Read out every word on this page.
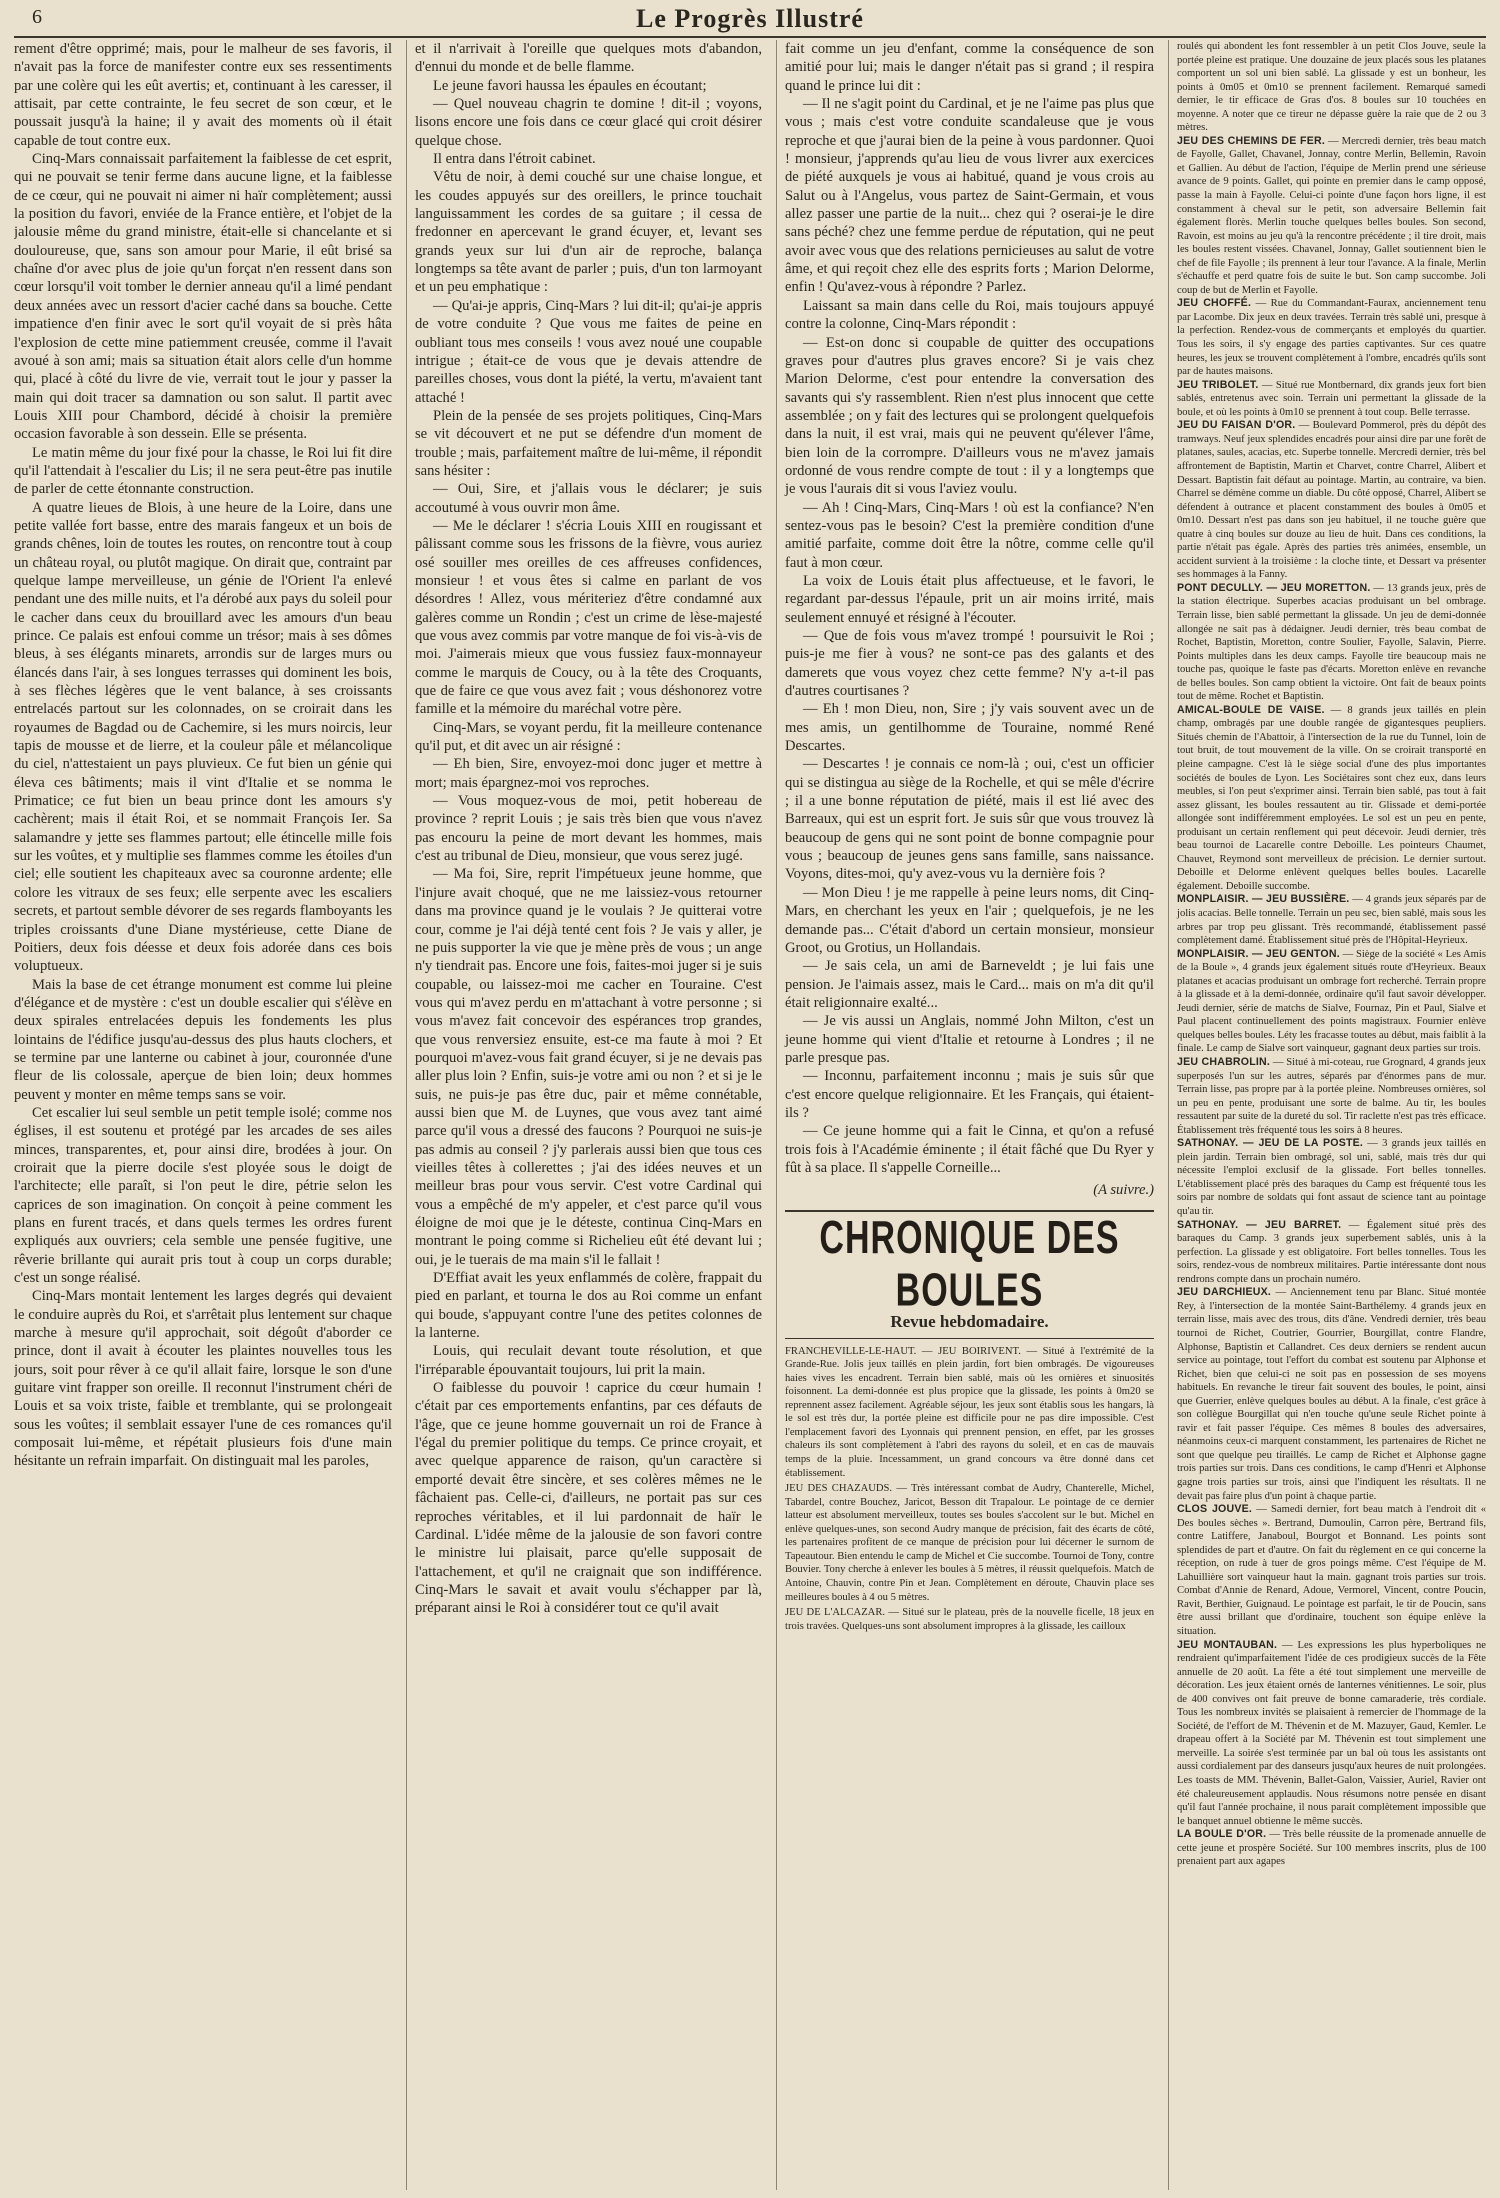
6	Le Progrès Illustré

rement d'être opprimé; mais, pour le malheur de ses favoris, il n'avait pas la force de manifester contre eux ses ressentiments par une colère qui les eût avertis; et, continuant à les caresser, il attisait, par cette contrainte, le feu secret de son cœur, et le poussait jusqu'à la haine; il y avait des moments où il était capable de tout contre eux.

Cinq-Mars connaissait parfaitement la faiblesse de cet esprit, qui ne pouvait se tenir ferme dans aucune ligne, et la faiblesse de ce cœur, qui ne pouvait ni aimer ni haïr complètement; aussi la position du favori, enviée de la France entière, et l'objet de la jalousie même du grand ministre, était-elle si chancelante et si douloureuse, que, sans son amour pour Marie, il eût brisé sa chaîne d'or avec plus de joie qu'un forçat n'en ressent dans son cœur lorsqu'il voit tomber le dernier anneau qu'il a limé pendant deux années avec un ressort d'acier caché dans sa bouche. Cette impatience d'en finir avec le sort qu'il voyait de si près hâta l'explosion de cette mine patiemment creusée, comme il l'avait avoué à son ami; mais sa situation était alors celle d'un homme qui, placé à côté du livre de vie, verrait tout le jour y passer la main qui doit tracer sa damnation ou son salut. Il partit avec Louis XIII pour Chambord, décidé à choisir la première occasion favorable à son dessein. Elle se présenta.

Le matin même du jour fixé pour la chasse, le Roi lui fit dire qu'il l'attendait à l'escalier du Lis; il ne sera peut-être pas inutile de parler de cette étonnante construction.

A quatre lieues de Blois, à une heure de la Loire, dans une petite vallée fort basse, entre des marais fangeux et un bois de grands chênes, loin de toutes les routes, on rencontre tout à coup un château royal, ou plutôt magique. On dirait que, contraint par quelque lampe merveilleuse, un génie de l'Orient l'a enlevé pendant une des mille nuits, et l'a dérobé aux pays du soleil pour le cacher dans ceux du brouillard avec les amours d'un beau prince. Ce palais est enfoui comme un trésor; mais à ses dômes bleus, à ses élégants minarets, arrondis sur de larges murs ou élancés dans l'air, à ses longues terrasses qui dominent les bois, à ses flèches légères que le vent balance, à ses croissants entrelacés partout sur les colonnades, on se croirait dans les royaumes de Bagdad ou de Cachemire, si les murs noircis, leur tapis de mousse et de lierre, et la couleur pâle et mélancolique du ciel, n'attestaient un pays pluvieux. Ce fut bien un génie qui éleva ces bâtiments; mais il vint d'Italie et se nomma le Primatice; ce fut bien un beau prince dont les amours s'y cachèrent; mais il était Roi, et se nommait François Ier. Sa salamandre y jette ses flammes partout; elle étincelle mille fois sur les voûtes, et y multiplie ses flammes comme les étoiles d'un ciel; elle soutient les chapiteaux avec sa couronne ardente; elle colore les vitraux de ses feux; elle serpente avec les escaliers secrets, et partout semble dévorer de ses regards flamboyants les triples croissants d'une Diane mystérieuse, cette Diane de Poitiers, deux fois déesse et deux fois adorée dans ces bois voluptueux.

Mais la base de cet étrange monument est comme lui pleine d'élégance et de mystère : c'est un double escalier qui s'élève en deux spirales entrelacées depuis les fondements les plus lointains de l'édifice jusqu'au-dessus des plus hauts clochers, et se termine par une lanterne ou cabinet à jour, couronnée d'une fleur de lis colossale, aperçue de bien loin; deux hommes peuvent y monter en même temps sans se voir.

Cet escalier lui seul semble un petit temple isolé; comme nos églises, il est soutenu et protégé par les arcades de ses ailes minces, transparentes, et, pour ainsi dire, brodées à jour. On croirait que la pierre docile s'est ployée sous le doigt de l'architecte; elle paraît, si l'on peut le dire, pétrie selon les caprices de son imagination. On conçoit à peine comment les plans en furent tracés, et dans quels termes les ordres furent expliqués aux ouvriers; cela semble une pensée fugitive, une rêverie brillante qui aurait pris tout à coup un corps durable; c'est un songe réalisé.

Cinq-Mars montait lentement les larges degrés qui devaient le conduire auprès du Roi, et s'arrêtait plus lentement sur chaque marche à mesure qu'il approchait, soit dégoût d'aborder ce prince, dont il avait à écouter les plaintes nouvelles tous les jours, soit pour rêver à ce qu'il allait faire, lorsque le son d'une guitare vint frapper son oreille. Il reconnut l'instrument chéri de Louis et sa voix triste, faible et tremblante, qui se prolongeait sous les voûtes; il semblait essayer l'une de ces romances qu'il composait lui-même, et répétait plusieurs fois d'une main hésitante un refrain imparfait. On distinguait mal les paroles,

et il n'arrivait à l'oreille que quelques mots d'abandon, d'ennui du monde et de belle flamme.

Le jeune favori haussa les épaules en écoutant;

— Quel nouveau chagrin te domine ! dit-il ; voyons, lisons encore une fois dans ce cœur glacé qui croit désirer quelque chose.

Il entra dans l'étroit cabinet.

Vêtu de noir, à demi couché sur une chaise longue, et les coudes appuyés sur des oreillers, le prince touchait languissamment les cordes de sa guitare ; il cessa de fredonner en apercevant le grand écuyer, et, levant ses grands yeux sur lui d'un air de reproche, balança longtemps sa tête avant de parler ; puis, d'un ton larmoyant et un peu emphatique :

— Qu'ai-je appris, Cinq-Mars ? lui dit-il; qu'ai-je appris de votre conduite ? Que vous me faites de peine en oubliant tous mes conseils ! vous avez noué une coupable intrigue ; était-ce de vous que je devais attendre de pareilles choses, vous dont la piété, la vertu, m'avaient tant attaché !

Plein de la pensée de ses projets politiques, Cinq-Mars se vit découvert et ne put se défendre d'un moment de trouble ; mais, parfaitement maître de lui-même, il répondit sans hésiter :

— Oui, Sire, et j'allais vous le déclarer; je suis accoutumé à vous ouvrir mon âme.

— Me le déclarer ! s'écria Louis XIII en rougissant et pâlissant comme sous les frissons de la fièvre, vous auriez osé souiller mes oreilles de ces affreuses confidences, monsieur ! et vous êtes si calme en parlant de vos désordres ! Allez, vous mériteriez d'être condamné aux galères comme un Rondin ; c'est un crime de lèse-majesté que vous avez commis par votre manque de foi vis-à-vis de moi. J'aimerais mieux que vous fussiez faux-monnayeur comme le marquis de Coucy, ou à la tête des Croquants, que de faire ce que vous avez fait ; vous déshonorez votre famille et la mémoire du maréchal votre père.

Cinq-Mars, se voyant perdu, fit la meilleure contenance qu'il put, et dit avec un air résigné :

— Eh bien, Sire, envoyez-moi donc juger et mettre à mort; mais épargnez-moi vos reproches.

— Vous moquez-vous de moi, petit hobereau de province ? reprit Louis ; je sais très bien que vous n'avez pas encouru la peine de mort devant les hommes, mais c'est au tribunal de Dieu, monsieur, que vous serez jugé.

— Ma foi, Sire, reprit l'impétueux jeune homme, que l'injure avait choqué, que ne me laissiez-vous retourner dans ma province quand je le voulais ? Je quitterai votre cour, comme je l'ai déjà tenté cent fois ? Je vais y aller, je ne puis supporter la vie que je mène près de vous ; un ange n'y tiendrait pas. Encore une fois, faites-moi juger si je suis coupable, ou laissez-moi me cacher en Touraine. C'est vous qui m'avez perdu en m'attachant à votre personne ; si vous m'avez fait concevoir des espérances trop grandes, que vous renversiez ensuite, est-ce ma faute à moi ? Et pourquoi m'avez-vous fait grand écuyer, si je ne devais pas aller plus loin ? Enfin, suis-je votre ami ou non ? et si je le suis, ne puis-je pas être duc, pair et même connétable, aussi bien que M. de Luynes, que vous avez tant aimé parce qu'il vous a dressé des faucons ? Pourquoi ne suis-je pas admis au conseil ? j'y parlerais aussi bien que tous ces vieilles têtes à collerettes ; j'ai des idées neuves et un meilleur bras pour vous servir. C'est votre Cardinal qui vous a empêché de m'y appeler, et c'est parce qu'il vous éloigne de moi que je le déteste, continua Cinq-Mars en montrant le poing comme si Richelieu eût été devant lui ; oui, je le tuerais de ma main s'il le fallait !

D'Effiat avait les yeux enflammés de colère, frappait du pied en parlant, et tourna le dos au Roi comme un enfant qui boude, s'appuyant contre l'une des petites colonnes de la lanterne.

Louis, qui reculait devant toute résolution, et que l'irréparable épouvantait toujours, lui prit la main.

O faiblesse du pouvoir ! caprice du cœur humain ! c'était par ces emportements enfantins, par ces défauts de l'âge, que ce jeune homme gouvernait un roi de France à l'égal du premier politique du temps. Ce prince croyait, et avec quelque apparence de raison, qu'un caractère si emporté devait être sincère, et ses colères mêmes ne le fâchaient pas. Celle-ci, d'ailleurs, ne portait pas sur ces reproches véritables, et il lui pardonnait de haïr le Cardinal. L'idée même de la jalousie de son favori contre le ministre lui plaisait, parce qu'elle supposait de l'attachement, et qu'il ne craignait que son indifférence. Cinq-Mars le savait et avait voulu s'échapper par là, préparant ainsi le Roi à considérer tout ce qu'il avait

fait comme un jeu d'enfant, comme la conséquence de son amitié pour lui; mais le danger n'était pas si grand ; il respira quand le prince lui dit :

— Il ne s'agit point du Cardinal, et je ne l'aime pas plus que vous ; mais c'est votre conduite scandaleuse que je vous reproche et que j'aurai bien de la peine à vous pardonner. Quoi ! monsieur, j'apprends qu'au lieu de vous livrer aux exercices de piété auxquels je vous ai habitué, quand je vous crois au Salut ou à l'Angelus, vous partez de Saint-Germain, et vous allez passer une partie de la nuit... chez qui ? oserai-je le dire sans péché? chez une femme perdue de réputation, qui ne peut avoir avec vous que des relations pernicieuses au salut de votre âme, et qui reçoit chez elle des esprits forts ; Marion Delorme, enfin ! Qu'avez-vous à répondre ? Parlez.

Laissant sa main dans celle du Roi, mais toujours appuyé contre la colonne, Cinq-Mars répondit :

— Est-on donc si coupable de quitter des occupations graves pour d'autres plus graves encore? Si je vais chez Marion Delorme, c'est pour entendre la conversation des savants qui s'y rassemblent. Rien n'est plus innocent que cette assemblée ; on y fait des lectures qui se prolongent quelquefois dans la nuit, il est vrai, mais qui ne peuvent qu'élever l'âme, bien loin de la corrompre. D'ailleurs vous ne m'avez jamais ordonné de vous rendre compte de tout : il y a longtemps que je vous l'aurais dit si vous l'aviez voulu.

— Ah ! Cinq-Mars, Cinq-Mars ! où est la confiance? N'en sentez-vous pas le besoin? C'est la première condition d'une amitié parfaite, comme doit être la nôtre, comme celle qu'il faut à mon cœur.

La voix de Louis était plus affectueuse, et le favori, le regardant par-dessus l'épaule, prit un air moins irrité, mais seulement ennuyé et résigné à l'écouter.

— Que de fois vous m'avez trompé ! poursuivit le Roi ; puis-je me fier à vous? ne sont-ce pas des galants et des damerets que vous voyez chez cette femme? N'y a-t-il pas d'autres courtisanes ?

— Eh ! mon Dieu, non, Sire ; j'y vais souvent avec un de mes amis, un gentilhomme de Touraine, nommé René Descartes.

— Descartes ! je connais ce nom-là ; oui, c'est un officier qui se distingua au siège de la Rochelle, et qui se mêle d'écrire ; il a une bonne réputation de piété, mais il est lié avec des Barreaux, qui est un esprit fort. Je suis sûr que vous trouvez là beaucoup de gens qui ne sont point de bonne compagnie pour vous ; beaucoup de jeunes gens sans famille, sans naissance. Voyons, dites-moi, qu'y avez-vous vu la dernière fois ?

— Mon Dieu ! je me rappelle à peine leurs noms, dit Cinq-Mars, en cherchant les yeux en l'air ; quelquefois, je ne les demande pas... C'était d'abord un certain monsieur, monsieur Groot, ou Grotius, un Hollandais.

— Je sais cela, un ami de Barneveldt ; je lui fais une pension. Je l'aimais assez, mais le Card... mais on m'a dit qu'il était religionnaire exalté...

— Je vis aussi un Anglais, nommé John Milton, c'est un jeune homme qui vient d'Italie et retourne à Londres ; il ne parle presque pas.

— Inconnu, parfaitement inconnu ; mais je suis sûr que c'est encore quelque religionnaire. Et les Français, qui étaient-ils ?

— Ce jeune homme qui a fait le Cinna, et qu'on a refusé trois fois à l'Académie éminente ; il était fâché que Du Ryer y fût à sa place. Il s'appelle Corneille...

(A suivre.)

CHRONIQUE DES BOULES
Revue hebdomadaire.

FRANCHEVILLE-LE-HAUT. — JEU BOIRIVENT. — Situé à l'extrémité de la Grande-Rue. Jolis jeux taillés en plein jardin, fort bien ombragés. De vigoureuses haies vives les encadrent. Terrain bien sablé, mais où les ornières et sinuosités foisonnent. La demi-donnée est plus propice que la glissade, les points à 0m20 se reprennent assez facilement. Agréable séjour, les jeux sont établis sous les hangars, là le sol est très dur, la portée pleine est difficile pour ne pas dire impossible. C'est l'emplacement favori des Lyonnais qui prennent pension, en effet, par les grosses chaleurs ils sont complètement à l'abri des rayons du soleil, et en cas de mauvais temps de la pluie. Incessamment, un grand concours va être donné dans cet établissement.

JEU DES CHAZAUDS. — Très intéressant combat de Audry, Chanterelle, Michel, Tabardel, contre Bouchez, Jaricot, Besson dit Trapalour. Le pointage de ce dernier latteur est absolument merveilleux, toutes ses boules s'accolent sur le but. Michel en enlève quelques-unes, son second Audry manque de précision, fait des écarts de côté, les partenaires profitent de ce manque de précision pour lui décerner le surnom de Tapeautour. Bien entendu le camp de Michel et Cie succombe. Tournoi de Tony, contre Bouvier. Tony cherche à enlever les boules à 5 mètres, il réussit quelquefois. Match de Antoine, Chauvin, contre Pin et Jean. Complètement en déroute, Chauvin place ses meilleures boules à 4 ou 5 mètres.

JEU DE L'ALCAZAR. — Situé sur le plateau, près de la nouvelle ficelle, 18 jeux en trois travées. Quelques-uns sont absolument impropres à la glissade, les cailloux

roulés qui abondent les font ressembler à un petit Clos Jouve, seule la portée pleine est pratique. Une douzaine de jeux placés sous les platanes comportent un sol uni bien sablé. La glissade y est un bonheur, les points à 0m05 et 0m10 se prennent facilement. Remarqué samedi dernier, le tir efficace de Gras d'os. 8 boules sur 10 touchées en moyenne. A noter que ce tireur ne dépasse guère la raie que de 2 ou 3 mètres.

JEU DES CHEMINS DE FER. — Mercredi dernier, très beau match de Fayolle, Gallet, Chavanel, Jonnay, contre Merlin, Bellemin, Ravoin et Gallien. Au début de l'action, l'équipe de Merlin prend une sérieuse avance de 9 points. Gallet, qui pointe en premier dans le camp opposé, passe la main à Fayolle. Celui-ci pointe d'une façon hors ligne, il est constamment à cheval sur le petit, son adversaire Bellemin fait également florès. Merlin touche quelques belles boules. Son second, Ravoin, est moins au jeu qu'à la rencontre précédente ; il tire droit, mais les boules restent vissées. Chavanel, Jonnay, Gallet soutiennent bien le chef de file Fayolle ; ils prennent à leur tour l'avance. A la finale, Merlin s'échauffe et perd quatre fois de suite le but. Son camp succombe. Joli coup de but de Merlin et Fayolle.

JEU CHOFFÉ. — Rue du Commandant-Faurax, anciennement tenu par Lacombe. Dix jeux en deux travées. Terrain très sablé uni, presque à la perfection. Rendez-vous de commerçants et employés du quartier. Tous les soirs, il s'y engage des parties captivantes. Sur ces quatre heures, les jeux se trouvent complètement à l'ombre, encadrés qu'ils sont par de hautes maisons.

JEU TRIBOLET. — Situé rue Montbernard, dix grands jeux fort bien sablés, entretenus avec soin. Terrain uni permettant la glissade de la boule, et où les points à 0m10 se prennent à tout coup. Belle terrasse.

JEU DU FAISAN D'OR. — Boulevard Pommerol, près du dépôt des tramways. Neuf jeux splendides encadrés pour ainsi dire par une forêt de platanes, saules, acacias, etc. Superbe tonnelle. Mercredi dernier, très bel affrontement de Baptistin, Martin et Charvet, contre Charrel, Alibert et Dessart. Baptistin fait défaut au pointage. Martin, au contraire, va bien. Charrel se démène comme un diable. Du côté opposé, Charrel, Alibert se défendent à outrance et placent constamment des boules à 0m05 et 0m10. Dessart n'est pas dans son jeu habituel, il ne touche guère que quatre à cinq boules sur douze au lieu de huit. Dans ces conditions, la partie n'était pas égale. Après des parties très animées, ensemble, un accident survient à la troisième : la cloche tinte, et Dessart va présenter ses hommages à la Fanny.

PONT DECULLY. — JEU MORETTON. — 13 grands jeux, près de la station électrique. Superbes acacias produisant un bel ombrage. Terrain lisse, bien sablé permettant la glissade. Un jeu de demi-donnée allongée ne sait pas à dédaigner. Jeudi dernier, très beau combat de Rochet, Baptistin, Moretton, contre Soulier, Fayolle, Salavin, Pierre. Points multiples dans les deux camps. Fayolle tire beaucoup mais ne touche pas, quoique le faste pas d'écarts. Moretton enlève en revanche de belles boules. Son camp obtient la victoire. Ont fait de beaux points tout de même. Rochet et Baptistin.

AMICAL-BOULE DE VAISE. — 8 grands jeux taillés en plein champ, ombragés par une double rangée de gigantesques peupliers. Situés chemin de l'Abattoir, à l'intersection de la rue du Tunnel, loin de tout bruit, de tout mouvement de la ville. On se croirait transporté en pleine campagne. C'est là le siège social d'une des plus importantes sociétés de boules de Lyon. Les Sociétaires sont chez eux, dans leurs meubles, si l'on peut s'exprimer ainsi. Terrain bien sablé, pas tout à fait assez glissant, les boules ressautent au tir. Glissade et demi-portée allongée sont indifféremment employées. Le sol est un peu en pente, produisant un certain renflement qui peut décevoir. Jeudi dernier, très beau tournoi de Lacarelle contre Deboille. Les pointeurs Chaumet, Chauvet, Reymond sont merveilleux de précision. Le dernier surtout. Deboille et Delorme enlèvent quelques belles boules. Lacarelle également. Deboille succombe.

MONPLAISIR. — JEU BUSSIÈRE. — 4 grands jeux séparés par de jolis acacias. Belle tonnelle. Terrain un peu sec, bien sablé, mais sous les arbres par trop peu glissant. Très recommandé, établissement passé complètement damé. Établissement situé près de l'Hôpital-Heyrieux.

MONPLAISIR. — JEU GENTON. — Siège de la société « Les Amis de la Boule », 4 grands jeux également situés route d'Heyrieux. Beaux platanes et acacias produisant un ombrage fort recherché. Terrain propre à la glissade et à la demi-donnée, ordinaire qu'il faut savoir développer. Jeudi dernier, série de matchs de Sialve, Fournaz, Pin et Paul, Sialve et Paul placent continuellement des points magistraux. Fournier enlève quelques belles boules. Léty les fracasse toutes au début, mais faiblit à la finale. Le camp de Sialve sort vainqueur, gagnant deux parties sur trois.

JEU CHABROLIN. — Situé à mi-coteau, rue Grognard, 4 grands jeux superposés l'un sur les autres, séparés par d'énormes pans de mur. Terrain lisse, pas propre par à la portée pleine. Nombreuses ornières, sol un peu en pente, produisant une sorte de balme. Au tir, les boules ressautent par suite de la dureté du sol. Tir raclette n'est pas très efficace. Établissement très fréquenté tous les soirs à 8 heures.

SATHONAY. — JEU DE LA POSTE. — 3 grands jeux taillés en plein jardin. Terrain bien ombragé, sol uni, sablé, mais très dur qui nécessite l'emploi exclusif de la glissade. Fort belles tonnelles. L'établissement placé près des baraques du Camp est fréquenté tous les soirs par nombre de soldats qui font assaut de science tant au pointage qu'au tir.

SATHONAY. — JEU BARRET. — Également situé près des baraques du Camp. 3 grands jeux superbement sablés, unis à la perfection. La glissade y est obligatoire. Fort belles tonnelles. Tous les soirs, rendez-vous de nombreux militaires. Partie intéressante dont nous rendrons compte dans un prochain numéro.

JEU DARCHIEUX. — Anciennement tenu par Blanc. Situé montée Rey, à l'intersection de la montée Saint-Barthélemy. 4 grands jeux en terrain lisse, mais avec des trous, dits d'âne. Vendredi dernier, très beau tournoi de Richet, Coutrier, Gourrier, Bourgillat, contre Flandre, Alphonse, Baptistin et Callandret. Ces deux derniers se rendent aucun service au pointage, tout l'effort du combat est soutenu par Alphonse et Richet, bien que celui-ci ne soit pas en possession de ses moyens habituels. En revanche le tireur fait souvent des boules, le point, ainsi que Guerrier, enlève quelques boules au début. A la finale, c'est grâce à son collègue Bourgillat qui n'en touche qu'une seule Richet pointe à ravir et fait passer l'équipe. Ces mêmes 8 boules des adversaires, néanmoins ceux-ci marquent constamment, les partenaires de Richet ne sont que quelque peu tiraillés. Le camp de Richet et Alphonse gagne trois parties sur trois. Dans ces conditions, le camp d'Henri et Alphonse gagne trois parties sur trois, ainsi que l'indiquent les résultats. Il ne devait pas faire plus d'un point à chaque partie.

CLOS JOUVE. — Samedi dernier, fort beau match à l'endroit dit « Des boules sèches ». Bertrand, Dumoulin, Carron père, Bertrand fils, contre Latiffere, Janaboul, Bourgot et Bonnand. Les points sont splendides de part et d'autre. On fait du règlement en ce qui concerne la réception, on rude à tuer de gros poings même. C'est l'équipe de M. Lahuillière sort vainqueur haut la main. gagnant trois parties sur trois. Combat d'Annie de Renard, Adoue, Vermorel, Vincent, contre Poucin, Ravit, Berthier, Guignaud. Le pointage est parfait, le tir de Poucin, sans être aussi brillant que d'ordinaire, touchent son équipe enlève la situation.

JEU MONTAUBAN. — Les expressions les plus hyperboliques ne rendraient qu'imparfaitement l'idée de ces prodigieux succès de la Fête annuelle de 20 août. La fête a été tout simplement une merveille de décoration. Les jeux étaient ornés de lanternes vénitiennes. Le soir, plus de 400 convives ont fait preuve de bonne camaraderie, très cordiale. Tous les nombreux invités se plaisaient à remercier de l'hommage de la Société, de l'effort de M. Thévenin et de M. Mazuyer, Gaud, Kemler. Le drapeau offert à la Société par M. Thévenin est tout simplement une merveille. La soirée s'est terminée par un bal où tous les assistants ont aussi cordialement par des danseurs jusqu'aux heures de nuit prolongées. Les toasts de MM. Thévenin, Ballet-Galon, Vaissier, Auriel, Ravier ont été chaleureusement applaudis. Nous résumons notre pensée en disant qu'il faut l'année prochaine, il nous parait complètement impossible que le banquet annuel obtienne le même succès.

LA BOULE D'OR. — Très belle réussite de la promenade annuelle de cette jeune et prospère Société. Sur 100 membres inscrits, plus de 100 prenaient part aux agapes
